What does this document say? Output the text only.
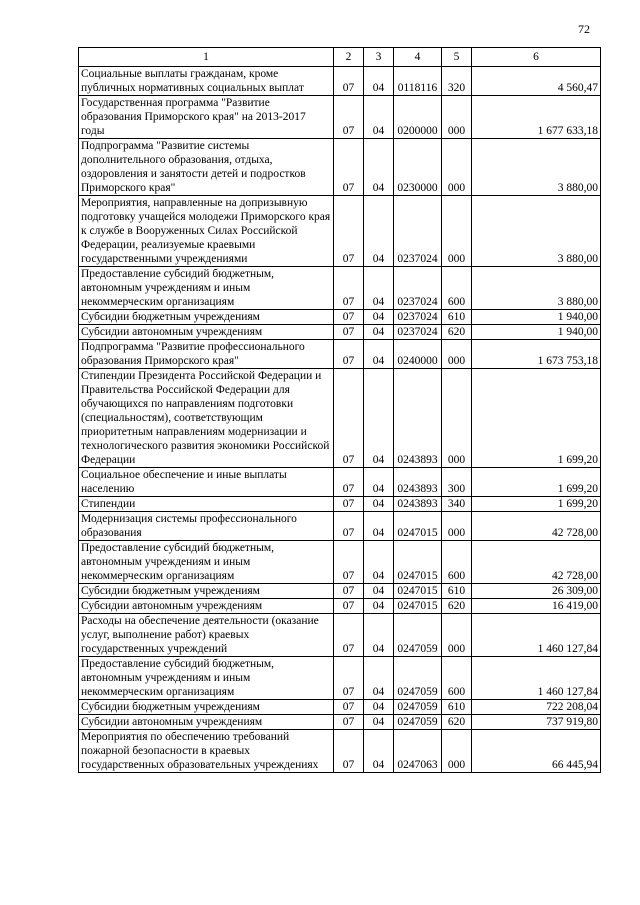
72
1	2	3	4	5	6
Социальные выплаты гражданам, кроме публичных нормативных социальных выплат	07	04	0118116	320	4 560,47
Государственная программа "Развитие образования Приморского края" на 2013-2017 годы	07	04	0200000	000	1 677 633,18
Подпрограмма "Развитие системы дополнительного образования, отдыха, оздоровления и занятости детей и подростков Приморского края"	07	04	0230000	000	3 880,00
Мероприятия, направленные на допризывную подготовку учащейся молодежи Приморского края к службе в Вооруженных Силах Российской Федерации, реализуемые краевыми государственными учреждениями	07	04	0237024	000	3 880,00
Предоставление субсидий бюджетным, автономным учреждениям и иным некоммерческим организациям	07	04	0237024	600	3 880,00
Субсидии бюджетным учреждениям	07	04	0237024	610	1 940,00
Субсидии автономным учреждениям	07	04	0237024	620	1 940,00
Подпрограмма "Развитие профессионального образования Приморского края"	07	04	0240000	000	1 673 753,18
Стипендии Президента Российской Федерации и Правительства Российской Федерации для обучающихся по направлениям подготовки (специальностям), соответствующим приоритетным направлениям модернизации и технологического развития экономики Российской Федерации	07	04	0243893	000	1 699,20
Социальное обеспечение и иные выплаты населению	07	04	0243893	300	1 699,20
Стипендии	07	04	0243893	340	1 699,20
Модернизация системы профессионального образования	07	04	0247015	000	42 728,00
Предоставление субсидий бюджетным, автономным учреждениям и иным некоммерческим организациям	07	04	0247015	600	42 728,00
Субсидии бюджетным учреждениям	07	04	0247015	610	26 309,00
Субсидии автономным учреждениям	07	04	0247015	620	16 419,00
Расходы на обеспечение деятельности (оказание услуг, выполнение работ) краевых государственных учреждений	07	04	0247059	000	1 460 127,84
Предоставление субсидий бюджетным, автономным учреждениям и иным некоммерческим организациям	07	04	0247059	600	1 460 127,84
Субсидии бюджетным учреждениям	07	04	0247059	610	722 208,04
Субсидии автономным учреждениям	07	04	0247059	620	737 919,80
Мероприятия по обеспечению требований пожарной безопасности в краевых государственных образовательных учреждениях	07	04	0247063	000	66 445,94
